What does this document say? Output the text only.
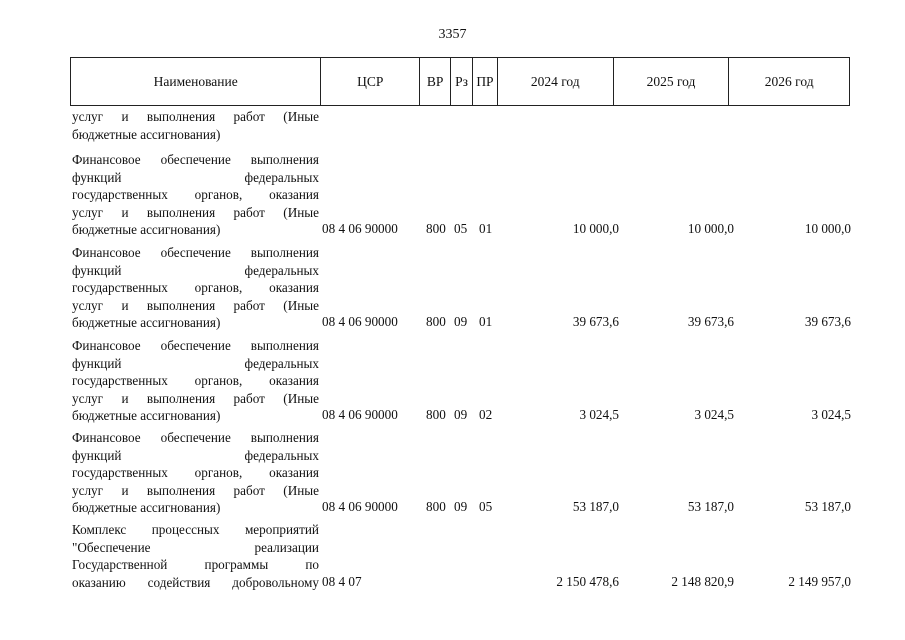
3357
Наименование	ЦСР	ВР Рз ПР	2024 год	2025 год	2026 год
услуг и выполнения работ (Иные
бюджетные ассигнования)
Финансовое обеспечение выполнения
функций федеральных
государственных органов, оказания
услуг и выполнения работ (Иные
бюджетные ассигнования)	08 4 06 90000 800 05 01	10 000,0	10 000,0	10 000,0
Финансовое обеспечение выполнения
функций федеральных
государственных органов, оказания
услуг и выполнения работ (Иные
бюджетные ассигнования)	08 4 06 90000 800 09 01	39 673,6	39 673,6	39 673,6
Финансовое обеспечение выполнения
функций федеральных
государственных органов, оказания
услуг и выполнения работ (Иные
бюджетные ассигнования)	08 4 06 90000 800 09 02	3 024,5	3 024,5	3 024,5
Финансовое обеспечение выполнения
функций федеральных
государственных органов, оказания
услуг и выполнения работ (Иные
бюджетные ассигнования)	08 4 06 90000 800 09 05	53 187,0	53 187,0	53 187,0
Комплекс процессных мероприятий
"Обеспечение реализации
Государственной программы по
оказанию содействия добровольному 08 4 07	2 150 478,6	2 148 820,9	2 149 957,0
